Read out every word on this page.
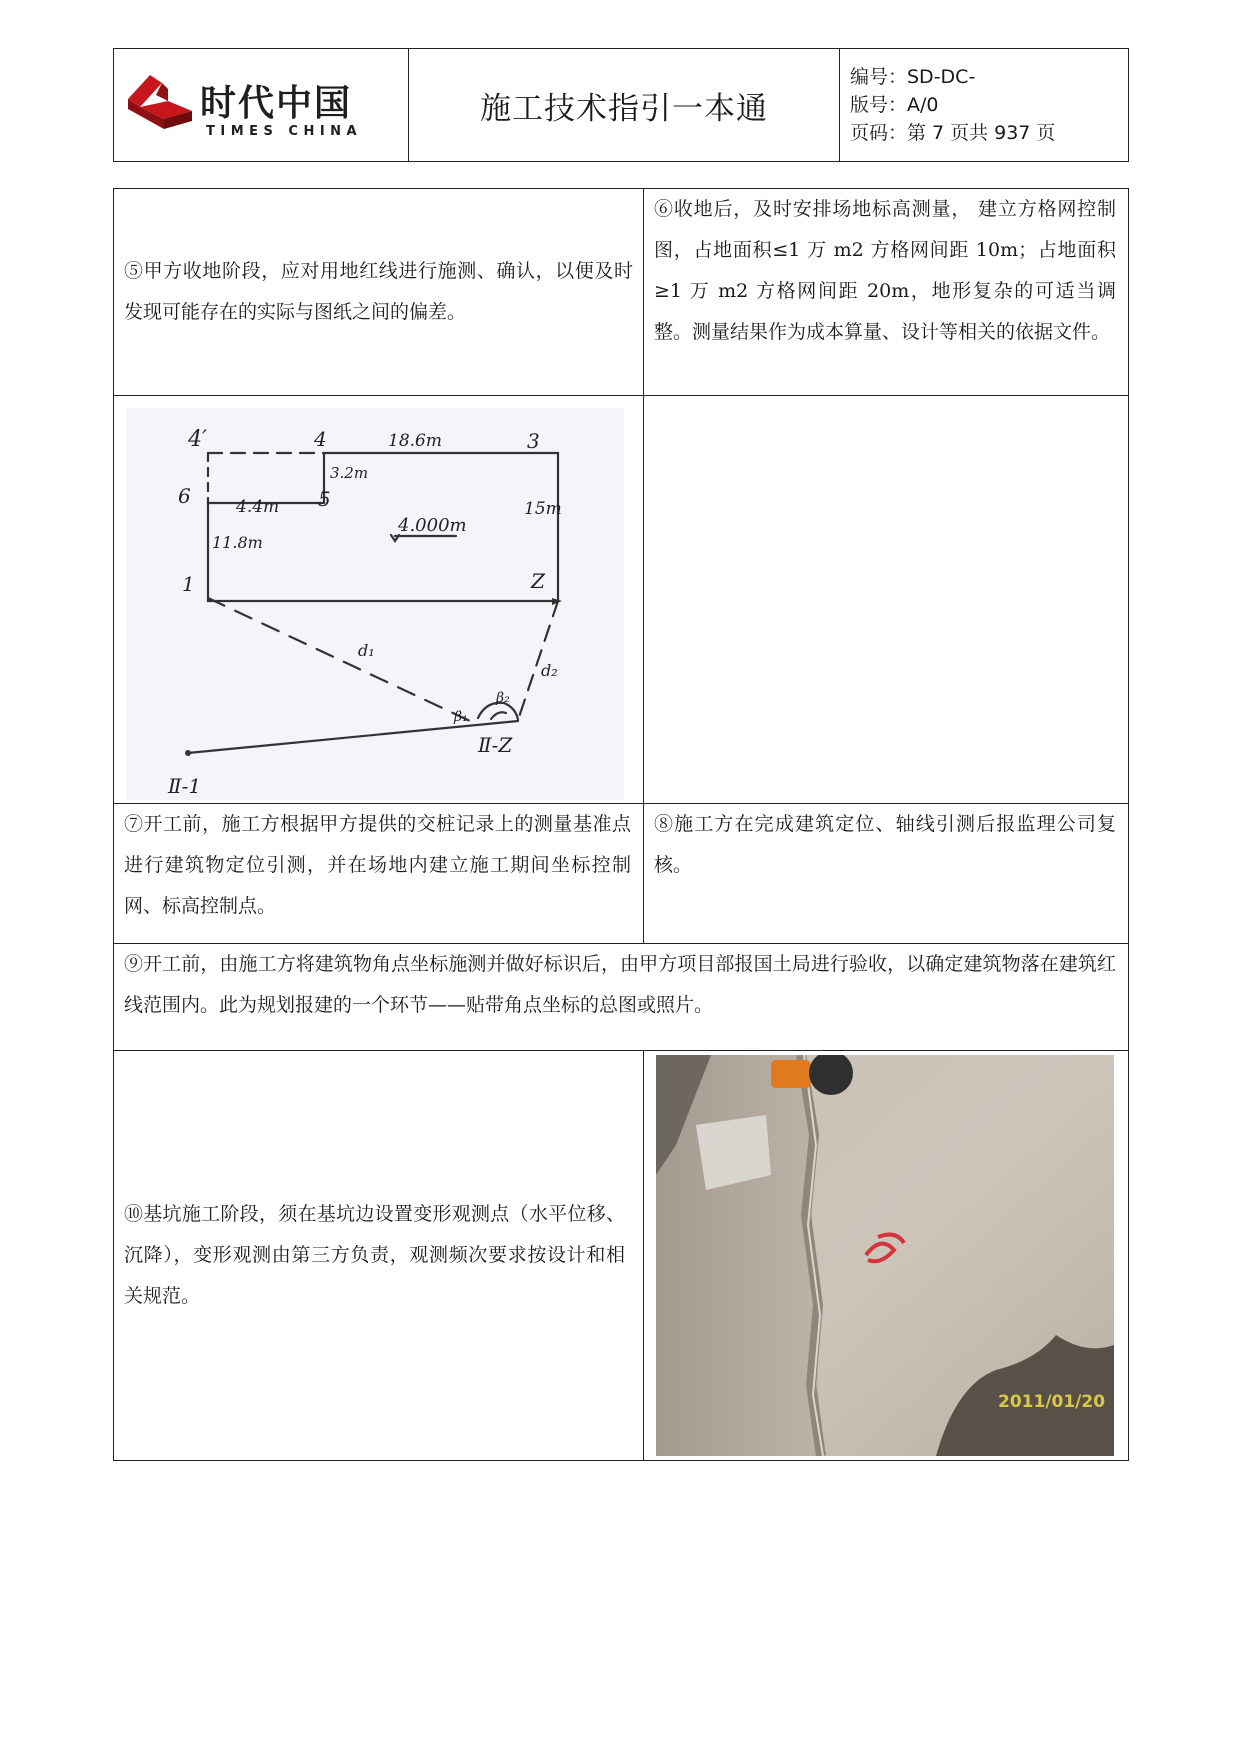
时代中国
TIMES CHINA
施工技术指引一本通
编号：SD-DC-
版号：A/0
页码：第 7 页共 937 页
⑤甲方收地阶段，应对用地红线进行施测、确认，以便及时发现可能存在的实际与图纸之间的偏差。
⑥收地后，及时安排场地标高测量， 建立方格网控制图，占地面积≤1 万 m2 方格网间距 10m；占地面积≥1 万 m2 方格网间距 20m，地形复杂的可适当调整。测量结果作为成本算量、设计等相关的依据文件。
4′	4	3
6	5
1	Z
Ⅱ-1
Ⅱ-Z
18.6m
3.2m
15m
4.4m
11.8m
4.000m
d₁
d₂
β₁
β₂
⑦开工前，施工方根据甲方提供的交桩记录上的测量基准点进行建筑物定位引测，并在场地内建立施工期间坐标控制网、标高控制点。
⑧施工方在完成建筑定位、轴线引测后报监理公司复核。
⑨开工前，由施工方将建筑物角点坐标施测并做好标识后，由甲方项目部报国土局进行验收，以确定建筑物落在建筑红线范围内。此为规划报建的一个环节——贴带角点坐标的总图或照片。
⑩基坑施工阶段，须在基坑边设置变形观测点（水平位移、沉降），变形观测由第三方负责，观测频次要求按设计和相关规范。
2011/01/20
